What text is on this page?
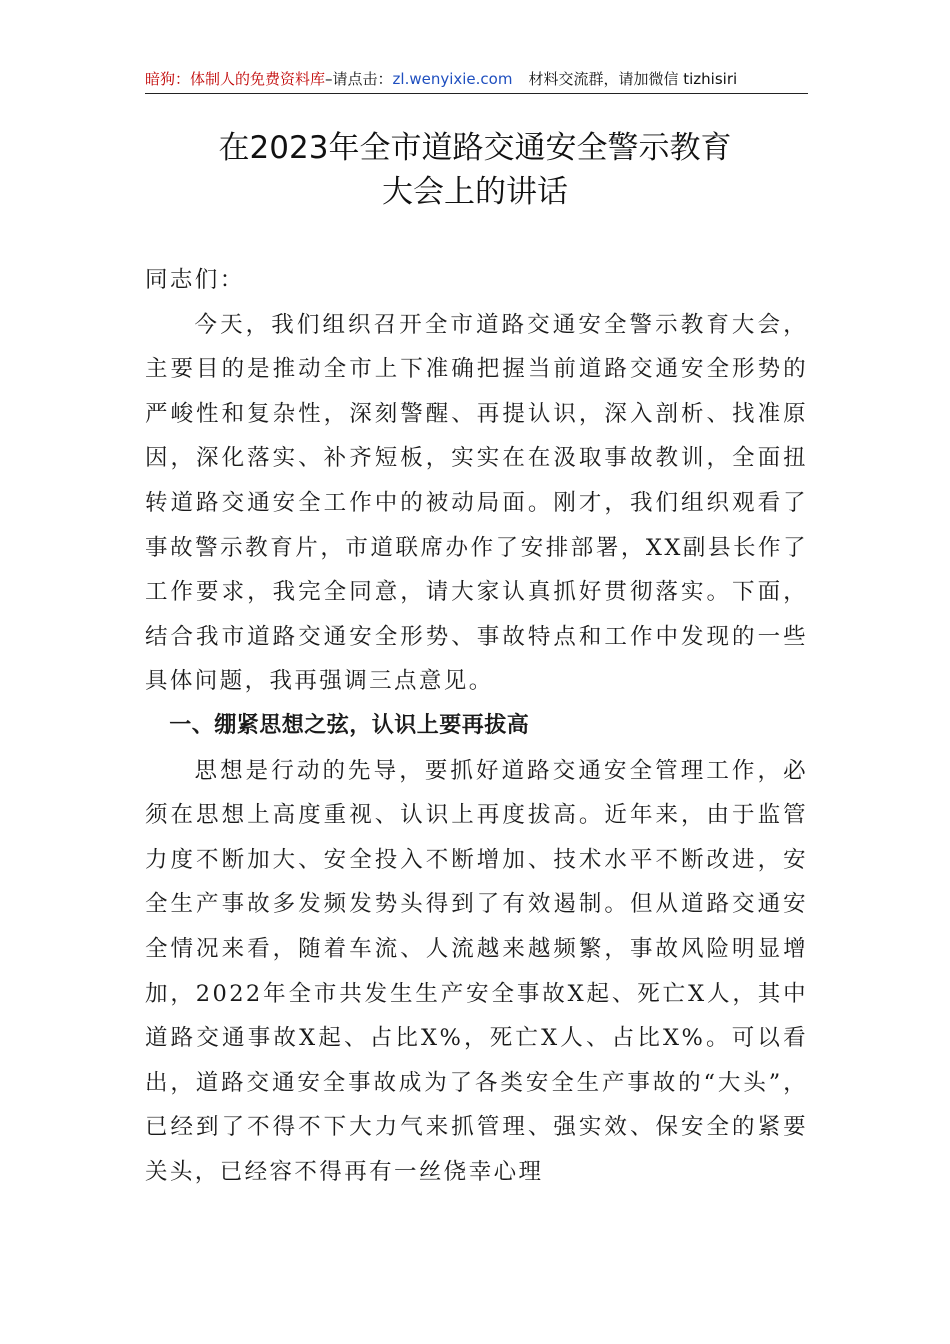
暗狗：体制人的免费资料库–请点击：zl.wenyixie.com 材料交流群，请加微信 tizhisiri
在2023年全市道路交通安全警示教育
大会上的讲话

同志们：

今天，我们组织召开全市道路交通安全警示教育大会，主要目的是推动全市上下准确把握当前道路交通安全形势的严峻性和复杂性，深刻警醒、再提认识，深入剖析、找准原因，深化落实、补齐短板，实实在在汲取事故教训，全面扭转道路交通安全工作中的被动局面。刚才，我们组织观看了事故警示教育片，市道联席办作了安排部署，XX副县长作了工作要求，我完全同意，请大家认真抓好贯彻落实。下面，结合我市道路交通安全形势、事故特点和工作中发现的一些具体问题，我再强调三点意见。

一、绷紧思想之弦，认识上要再拔高

思想是行动的先导，要抓好道路交通安全管理工作，必须在思想上高度重视、认识上再度拔高。近年来，由于监管力度不断加大、安全投入不断增加、技术水平不断改进，安全生产事故多发频发势头得到了有效遏制。但从道路交通安全情况来看，随着车流、人流越来越频繁，事故风险明显增加，2022年全市共发生生产安全事故X起、死亡X人，其中道路交通事故X起、占比X%，死亡X人、占比X%。可以看出，道路交通安全事故成为了各类安全生产事故的“大头”，已经到了不得不下大力气来抓管理、强实效、保安全的紧要关头，已经容不得再有一丝侥幸心理
